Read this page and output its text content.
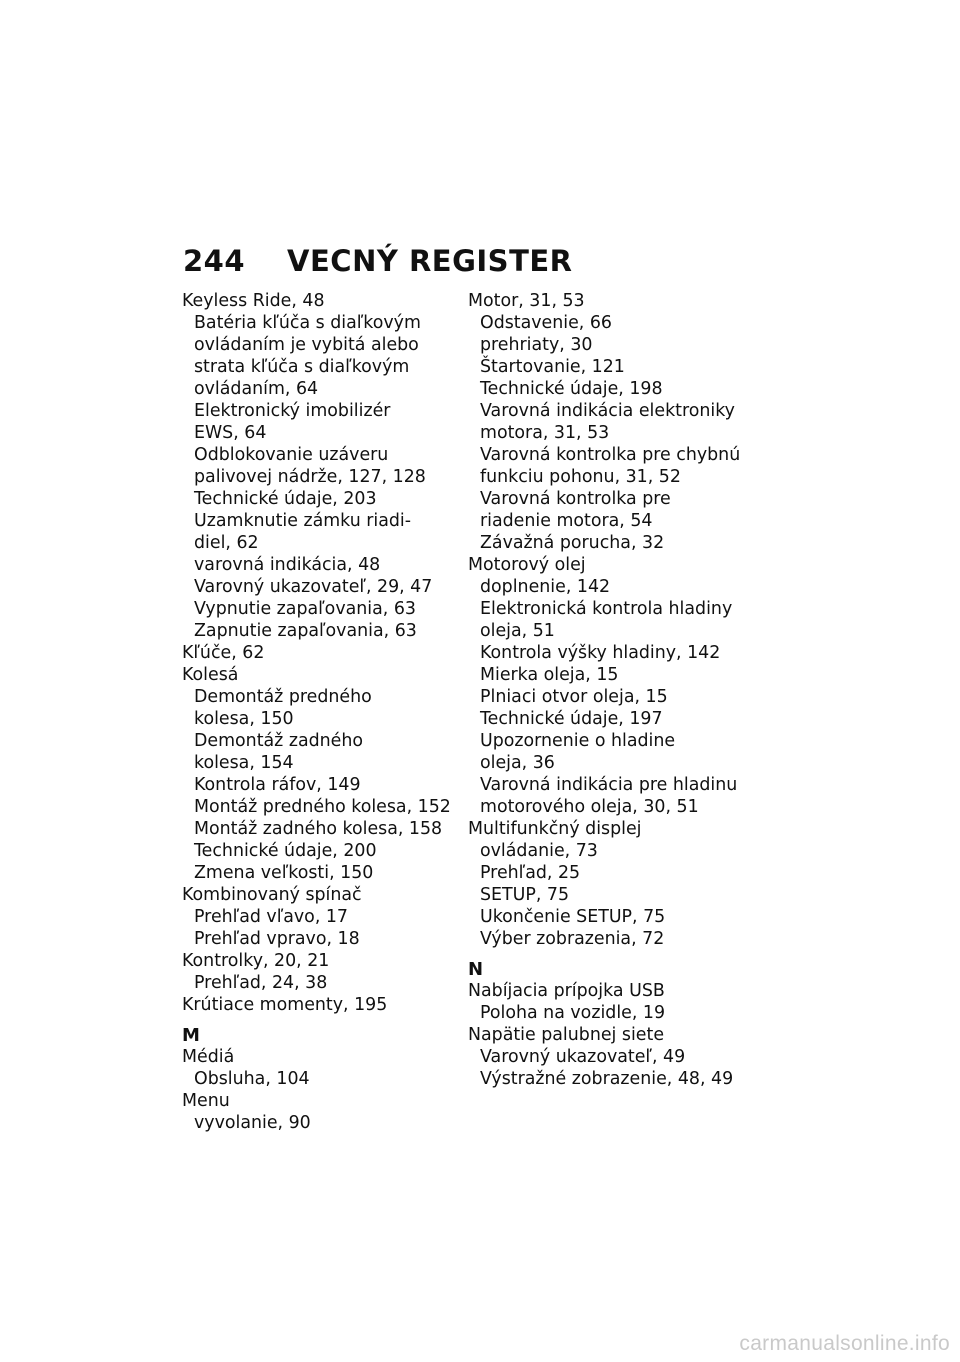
244 VECNÝ REGISTER
Keyless Ride, 48
Batéria kľúča s diaľkovým
ovládaním je vybitá alebo
strata kľúča s diaľkovým
ovládaním, 64
Elektronický imobilizér
EWS, 64
Odblokovanie uzáveru
palivovej nádrže, 127, 128
Technické údaje, 203
Uzamknutie zámku riadi-
diel, 62
varovná indikácia, 48
Varovný ukazovateľ, 29, 47
Vypnutie zapaľovania, 63
Zapnutie zapaľovania, 63
Kľúče, 62
Kolesá
Demontáž predného
kolesa, 150
Demontáž zadného
kolesa, 154
Kontrola ráfov, 149
Montáž predného kolesa, 152
Montáž zadného kolesa, 158
Technické údaje, 200
Zmena veľkosti, 150
Kombinovaný spínač
Prehľad vľavo, 17
Prehľad vpravo, 18
Kontrolky, 20, 21
Prehľad, 24, 38
Krútiace momenty, 195
M
Médiá
Obsluha, 104
Menu
vyvolanie, 90
Motor, 31, 53
Odstavenie, 66
prehriaty, 30
Štartovanie, 121
Technické údaje, 198
Varovná indikácia elektroniky
motora, 31, 53
Varovná kontrolka pre chybnú
funkciu pohonu, 31, 52
Varovná kontrolka pre
riadenie motora, 54
Závažná porucha, 32
Motorový olej
doplnenie, 142
Elektronická kontrola hladiny
oleja, 51
Kontrola výšky hladiny, 142
Mierka oleja, 15
Plniaci otvor oleja, 15
Technické údaje, 197
Upozornenie o hladine
oleja, 36
Varovná indikácia pre hladinu
motorového oleja, 30, 51
Multifunkčný displej
ovládanie, 73
Prehľad, 25
SETUP, 75
Ukončenie SETUP, 75
Výber zobrazenia, 72
N
Nabíjacia prípojka USB
Poloha na vozidle, 19
Napätie palubnej siete
Varovný ukazovateľ, 49
Výstražné zobrazenie, 48, 49
carmanualsonline.info
